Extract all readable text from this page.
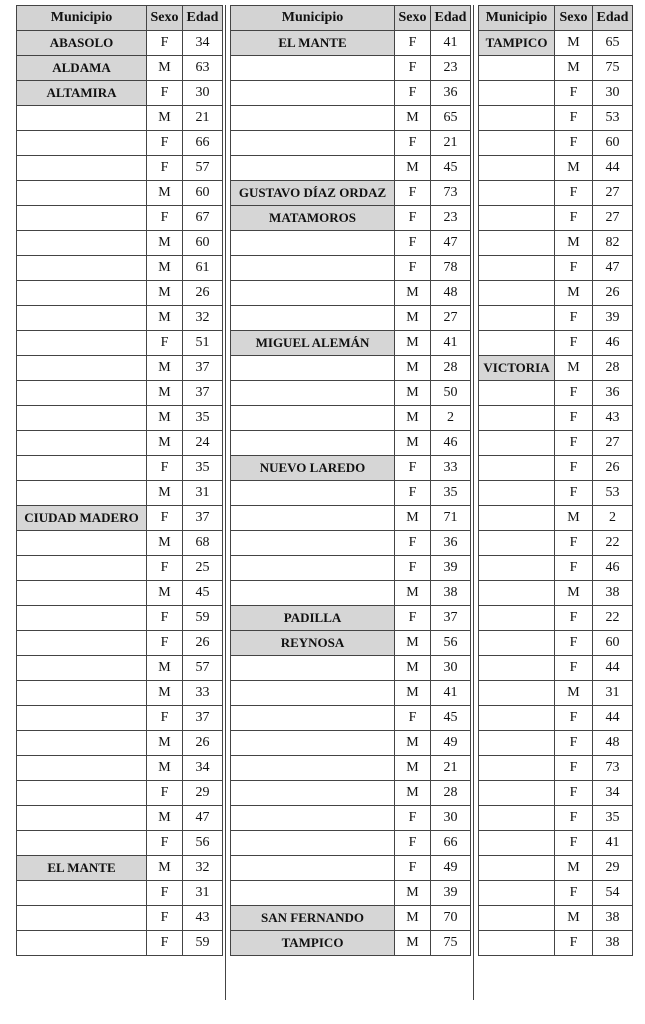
Municipio	Sexo	Edad
ABASOLO	F	34
ALDAMA	M	63
ALTAMIRA	F	30
	M	21
	F	66
	F	57
	M	60
	F	67
	M	60
	M	61
	M	26
	M	32
	F	51
	M	37
	M	37
	M	35
	M	24
	F	35
	M	31
CIUDAD MADERO	F	37
	M	68
	F	25
	M	45
	F	59
	F	26
	M	57
	M	33
	F	37
	M	26
	M	34
	F	29
	M	47
	F	56
EL MANTE	M	32
	F	31
	F	43
	F	59
Municipio	Sexo	Edad
EL MANTE	F	41
	F	23
	F	36
	M	65
	F	21
	M	45
GUSTAVO DÍAZ ORDAZ	F	73
MATAMOROS	F	23
	F	47
	F	78
	M	48
	M	27
MIGUEL ALEMÁN	M	41
	M	28
	M	50
	M	2
	M	46
NUEVO LAREDO	F	33
	F	35
	M	71
	F	36
	F	39
	M	38
PADILLA	F	37
REYNOSA	M	56
	M	30
	M	41
	F	45
	M	49
	M	21
	M	28
	F	30
	F	66
	F	49
	M	39
SAN FERNANDO	M	70
TAMPICO	M	75
Municipio	Sexo	Edad
TAMPICO	M	65
	M	75
	F	30
	F	53
	F	60
	M	44
	F	27
	F	27
	M	82
	F	47
	M	26
	F	39
	F	46
VICTORIA	M	28
	F	36
	F	43
	F	27
	F	26
	F	53
	M	2
	F	22
	F	46
	M	38
	F	22
	F	60
	F	44
	M	31
	F	44
	F	48
	F	73
	F	34
	F	35
	F	41
	M	29
	F	54
	M	38
	F	38
